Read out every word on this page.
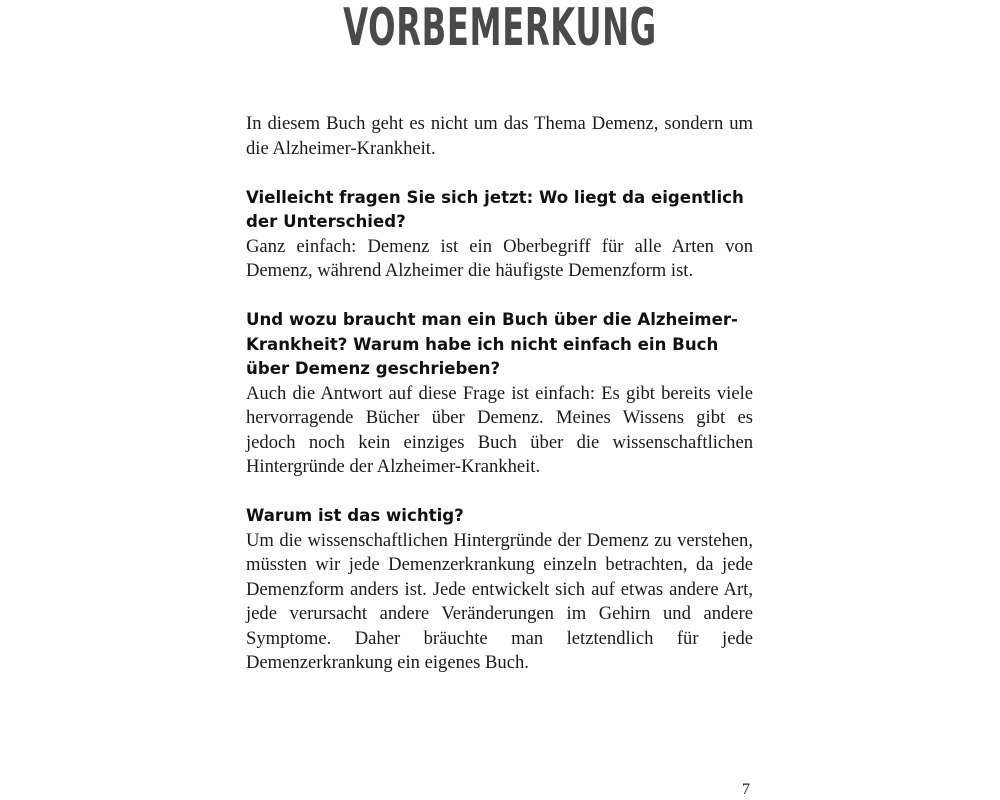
VORBEMERKUNG

In diesem Buch geht es nicht um das Thema Demenz, sondern um die Alzheimer-Krankheit.

Vielleicht fragen Sie sich jetzt: Wo liegt da eigentlich der Unterschied?

Ganz einfach: Demenz ist ein Oberbegriff für alle Arten von Demenz, während Alzheimer die häufigste Demenzform ist.

Und wozu braucht man ein Buch über die Alzheimer-Krankheit? Warum habe ich nicht einfach ein Buch über Demenz geschrieben?

Auch die Antwort auf diese Frage ist einfach: Es gibt bereits viele hervorragende Bücher über Demenz. Meines Wissens gibt es jedoch noch kein einziges Buch über die wissenschaftlichen Hintergründe der Alzheimer-Krankheit.

Warum ist das wichtig?

Um die wissenschaftlichen Hintergründe der Demenz zu verstehen, müssten wir jede Demenzerkrankung einzeln betrachten, da jede Demenzform anders ist. Jede entwickelt sich auf etwas andere Art, jede verursacht andere Veränderungen im Gehirn und andere Symptome. Daher bräuchte man letztendlich für jede Demenzerkrankung ein eigenes Buch.

7
